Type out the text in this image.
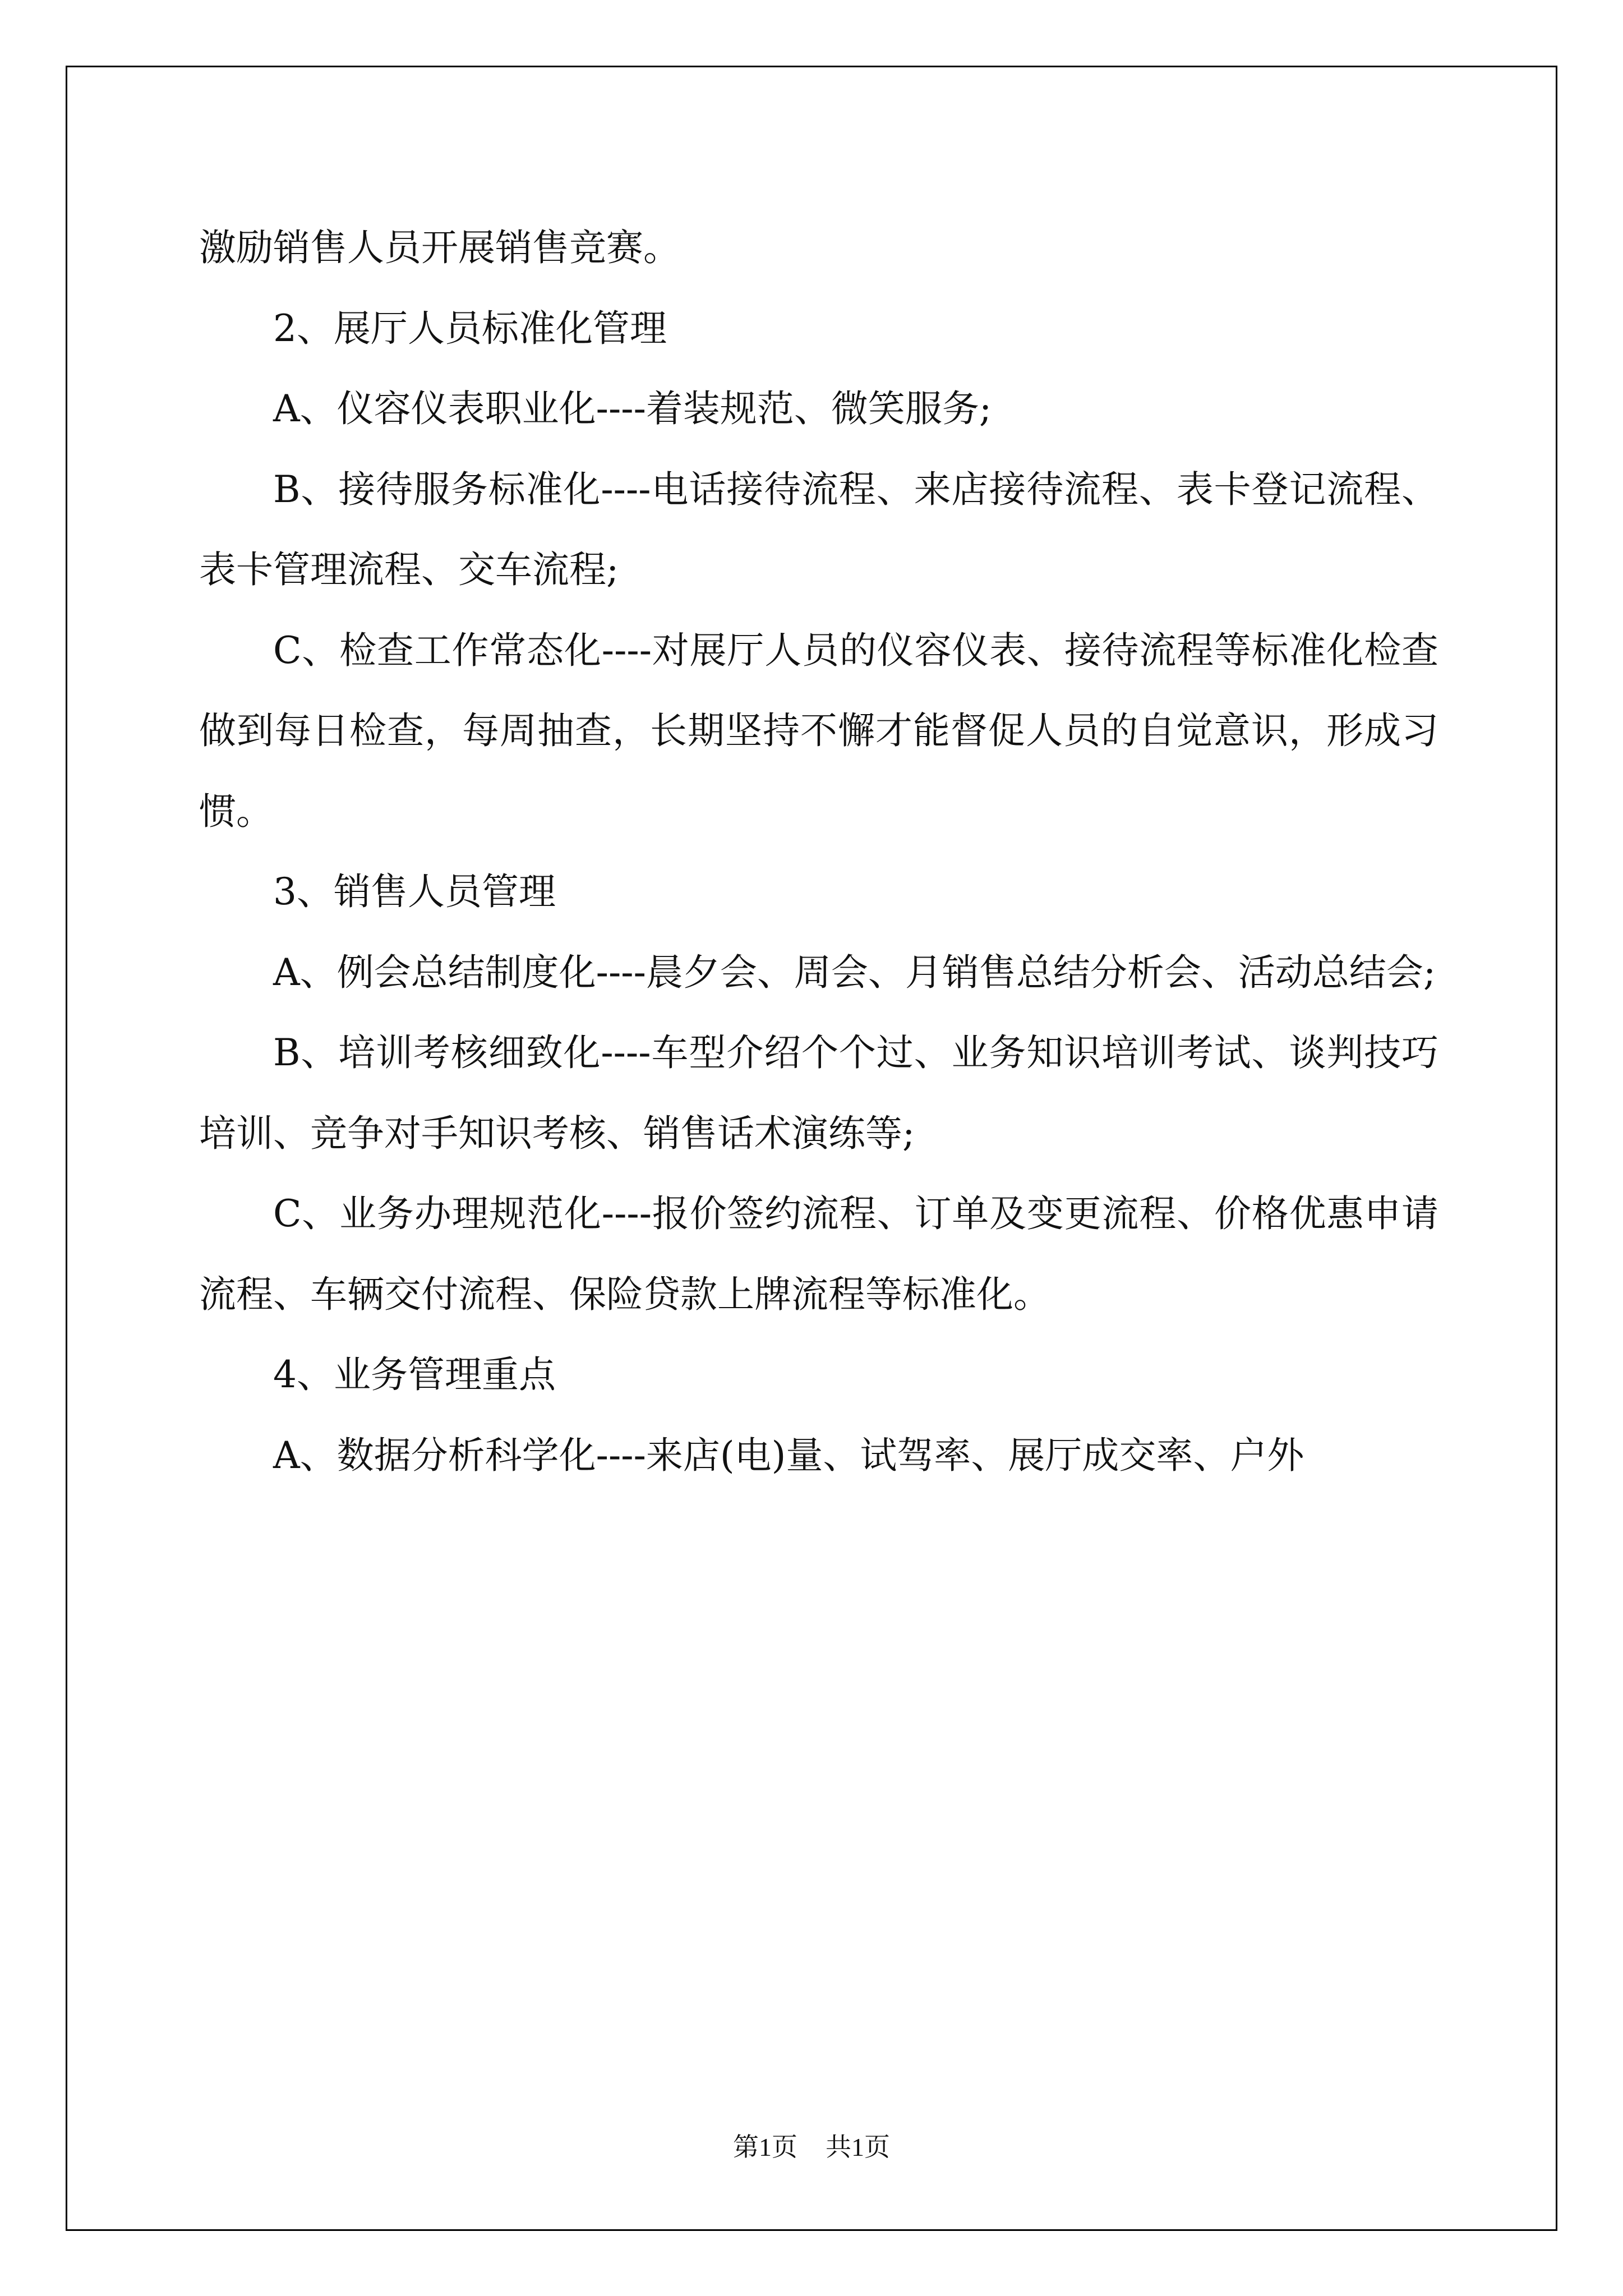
激励销售人员开展销售竞赛。

2、展厅人员标准化管理

A、仪容仪表职业化----着装规范、微笑服务;

B、接待服务标准化----电话接待流程、来店接待流程、表卡登记流程、表卡管理流程、交车流程;

C、检查工作常态化----对展厅人员的仪容仪表、接待流程等标准化检查做到每日检查，每周抽查，长期坚持不懈才能督促人员的自觉意识，形成习惯。

3、销售人员管理

A、例会总结制度化----晨夕会、周会、月销售总结分析会、活动总结会;

B、培训考核细致化----车型介绍个个过、业务知识培训考试、谈判技巧培训、竞争对手知识考核、销售话术演练等;

C、业务办理规范化----报价签约流程、订单及变更流程、价格优惠申请流程、车辆交付流程、保险贷款上牌流程等标准化。

4、业务管理重点

A、数据分析科学化----来店(电)量、试驾率、展厅成交率、户外

第1页 共1页
